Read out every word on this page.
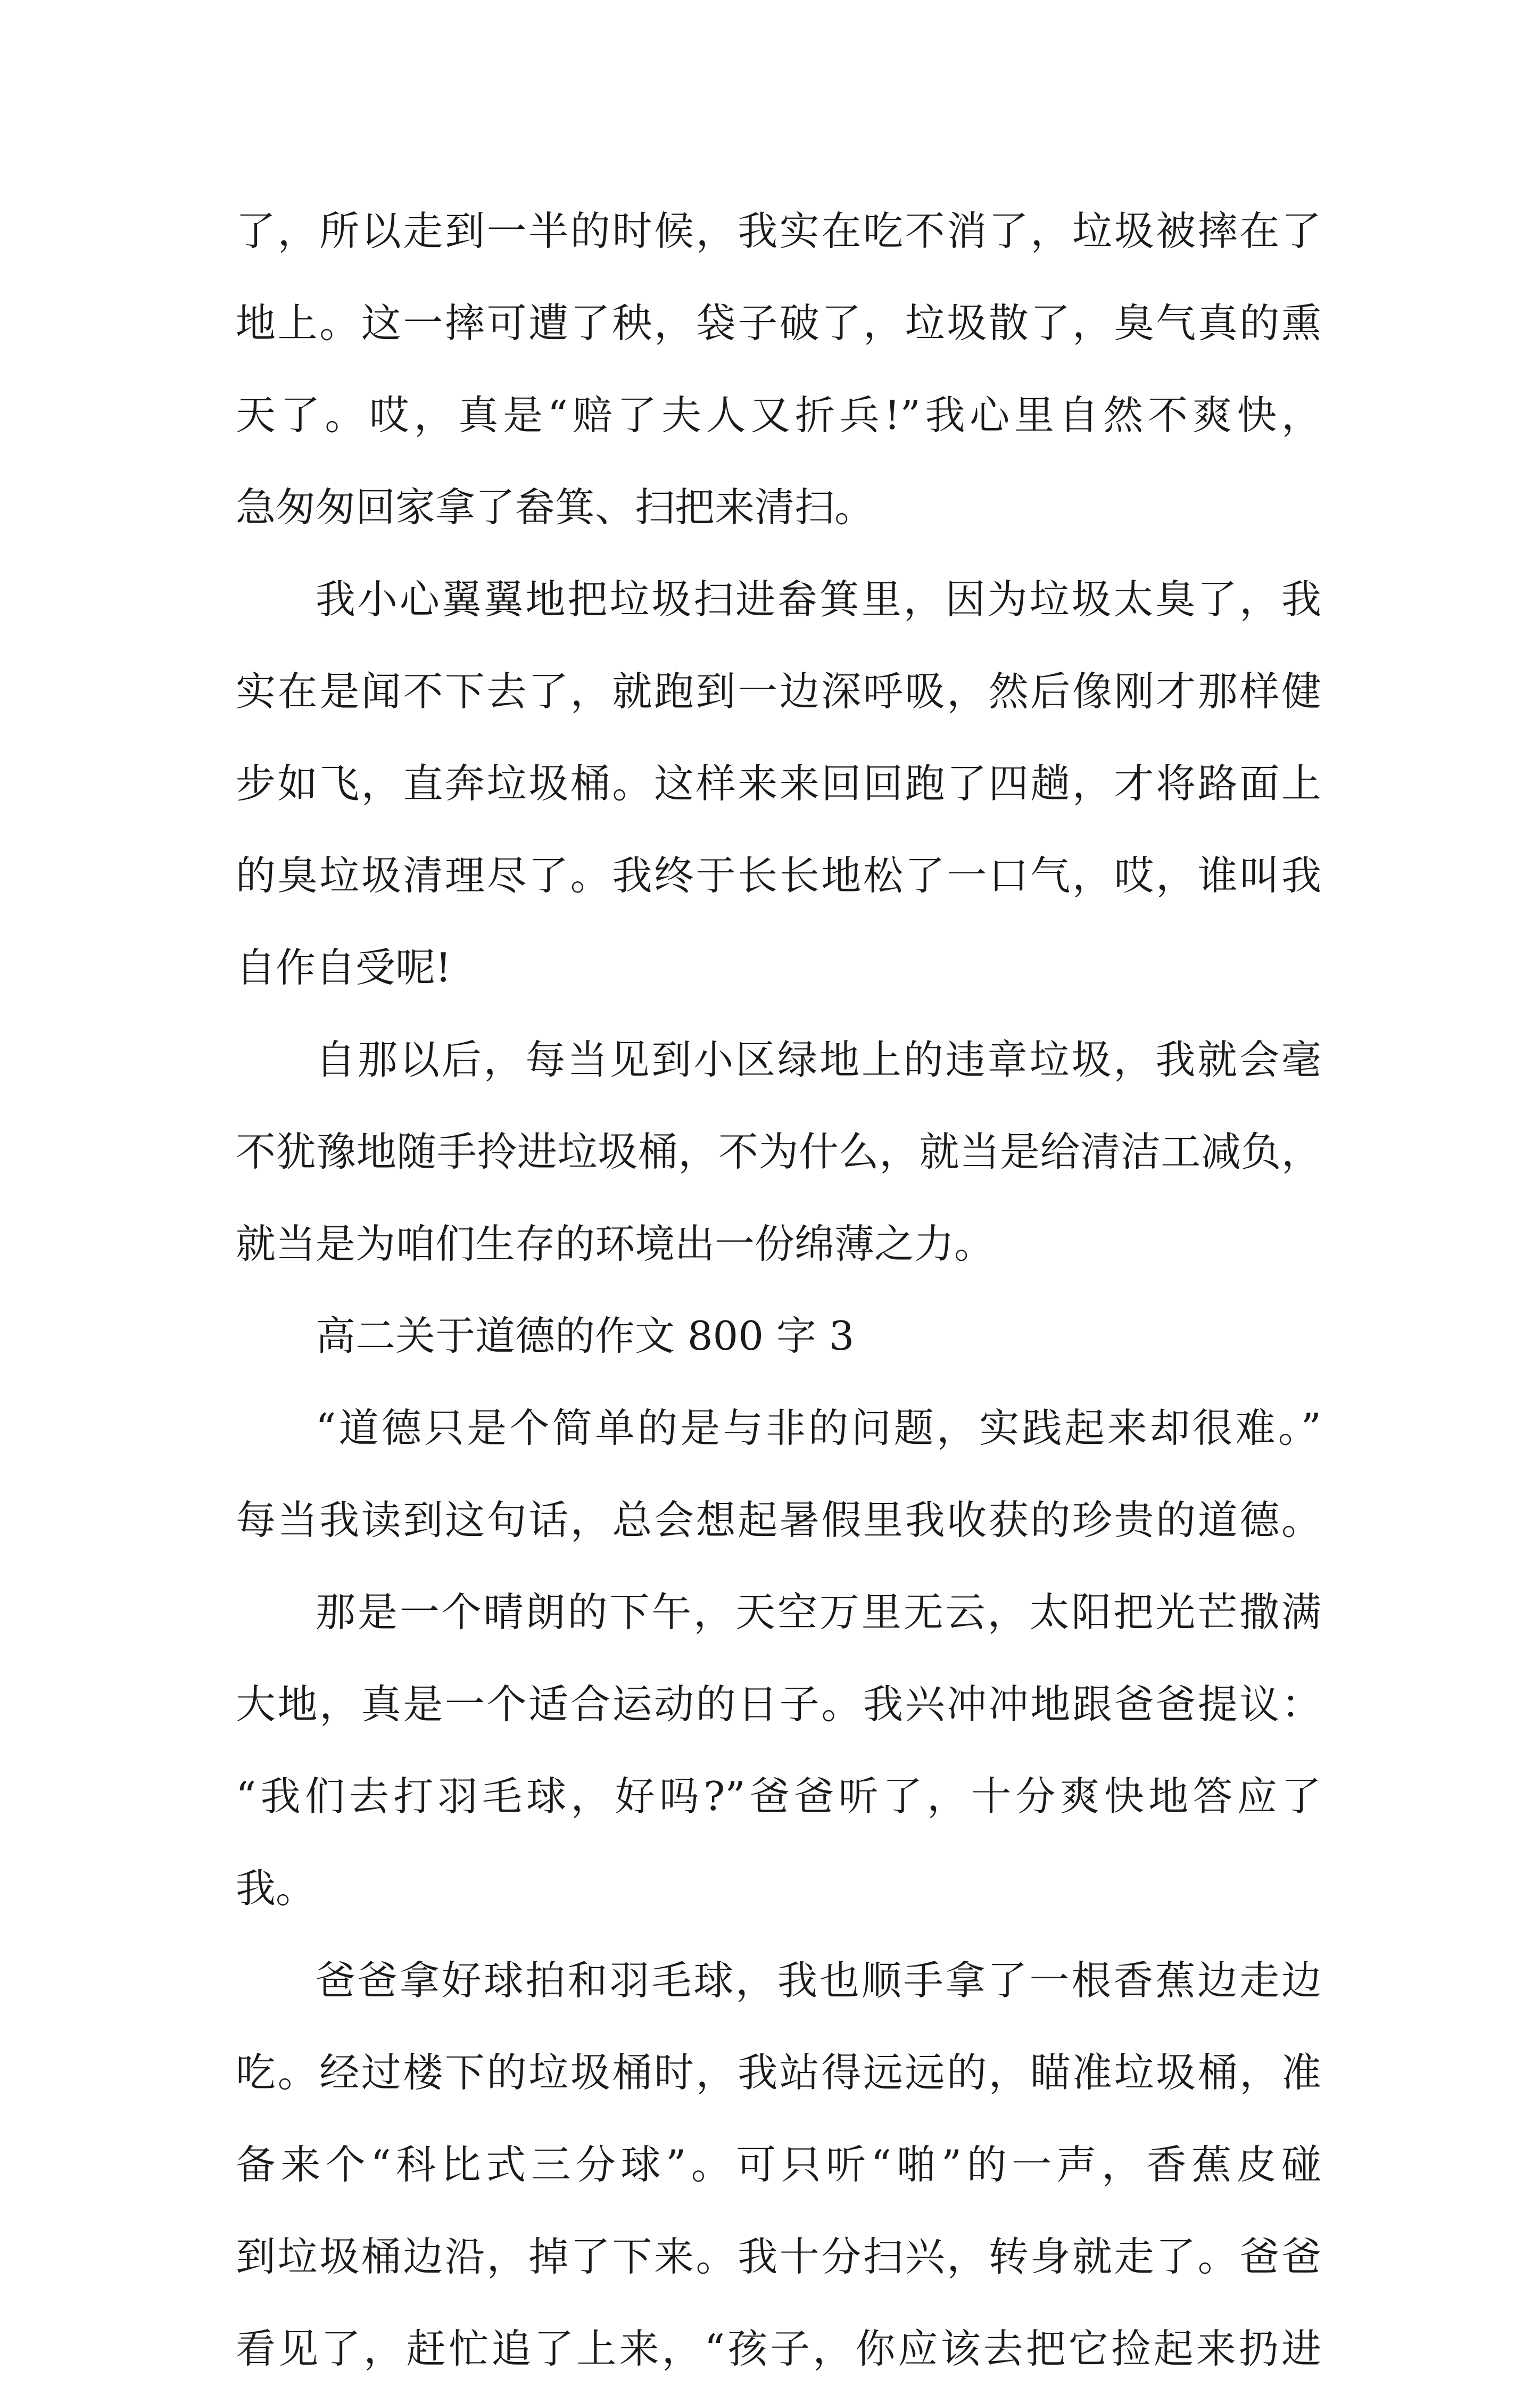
了，所以走到一半的时候，我实在吃不消了，垃圾被摔在了
地上。这一摔可遭了秧，袋子破了，垃圾散了，臭气真的熏
天了。哎，真是“赔了夫人又折兵!”我心里自然不爽快，
急匆匆回家拿了畚箕、扫把来清扫。
我小心翼翼地把垃圾扫进畚箕里，因为垃圾太臭了，我
实在是闻不下去了，就跑到一边深呼吸，然后像刚才那样健
步如飞，直奔垃圾桶。这样来来回回跑了四趟，才将路面上
的臭垃圾清理尽了。我终于长长地松了一口气，哎，谁叫我
自作自受呢!
自那以后，每当见到小区绿地上的违章垃圾，我就会毫
不犹豫地随手拎进垃圾桶，不为什么，就当是给清洁工减负，
就当是为咱们生存的环境出一份绵薄之力。
高二关于道德的作文 800 字 3
“道德只是个简单的是与非的问题，实践起来却很难。”
每当我读到这句话，总会想起暑假里我收获的珍贵的道德。
那是一个晴朗的下午，天空万里无云，太阳把光芒撒满
大地，真是一个适合运动的日子。我兴冲冲地跟爸爸提议：
“我们去打羽毛球，好吗?”爸爸听了，十分爽快地答应了
我。
爸爸拿好球拍和羽毛球，我也顺手拿了一根香蕉边走边
吃。经过楼下的垃圾桶时，我站得远远的，瞄准垃圾桶，准
备来个“科比式三分球”。可只听“啪”的一声，香蕉皮碰
到垃圾桶边沿，掉了下来。我十分扫兴，转身就走了。爸爸
看见了，赶忙追了上来，“孩子，你应该去把它捡起来扔进
